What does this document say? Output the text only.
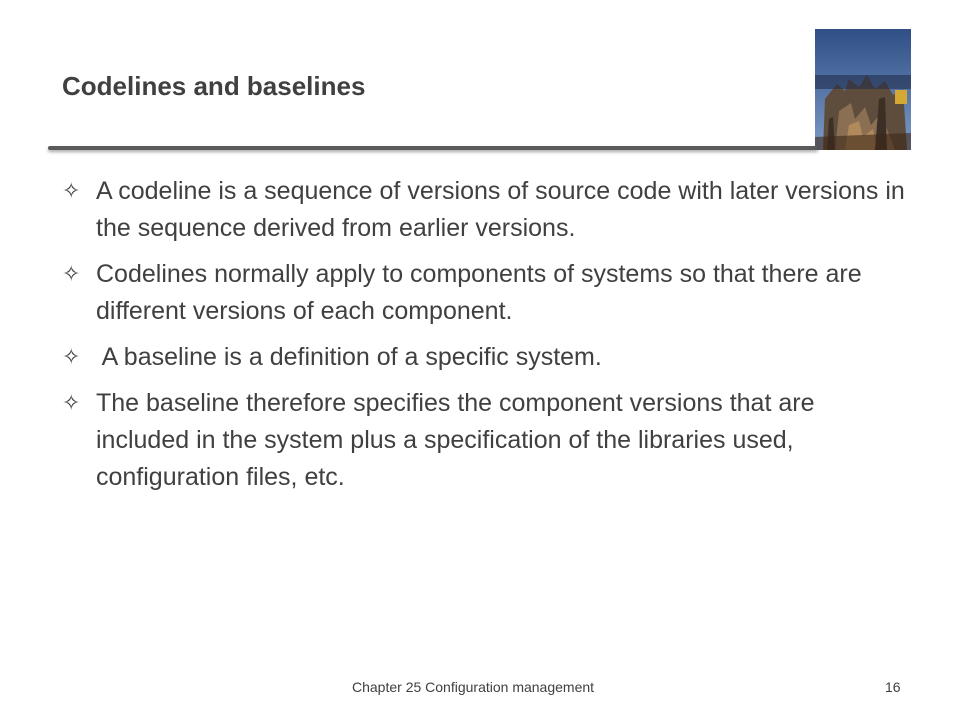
Codelines and baselines
✧ A codeline is a sequence of versions of source code with later versions in the sequence derived from earlier versions.
✧ Codelines normally apply to components of systems so that there are different versions of each component.
✧ A baseline is a definition of a specific system.
✧ The baseline therefore specifies the component versions that are included in the system plus a specification of the libraries used, configuration files, etc.
Chapter 25 Configuration management	16
